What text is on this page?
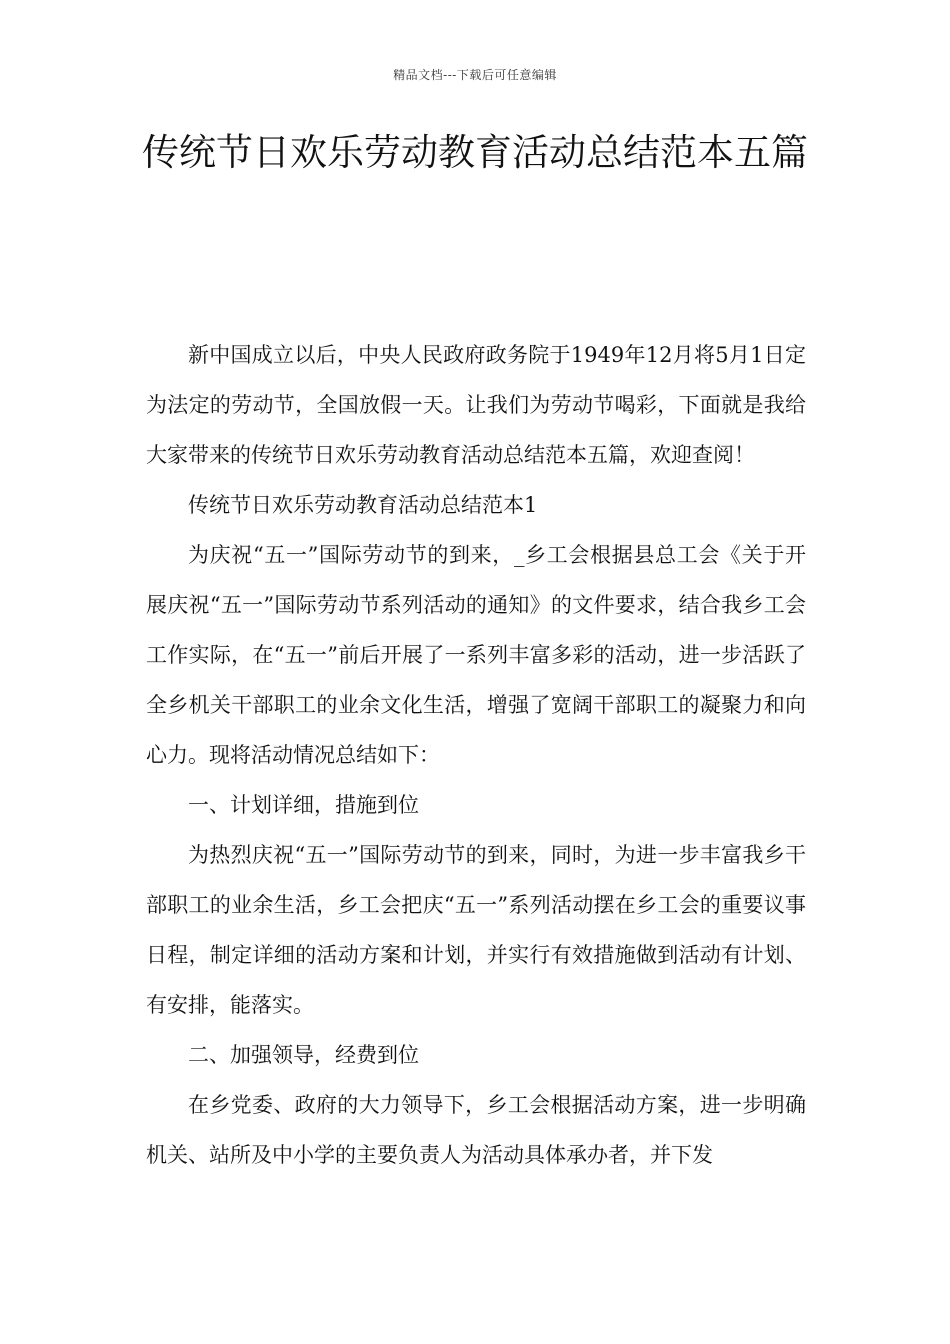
精品文档---下载后可任意编辑
传统节日欢乐劳动教育活动总结范本五篇

新中国成立以后，中央人民政府政务院于1949年12月将5月1日定为法定的劳动节，全国放假一天。让我们为劳动节喝彩，下面就是我给大家带来的传统节日欢乐劳动教育活动总结范本五篇，欢迎查阅！

传统节日欢乐劳动教育活动总结范本1

为庆祝“五一”国际劳动节的到来，_乡工会根据县总工会《关于开展庆祝“五一”国际劳动节系列活动的通知》的文件要求，结合我乡工会工作实际，在“五一”前后开展了一系列丰富多彩的活动，进一步活跃了全乡机关干部职工的业余文化生活，增强了宽阔干部职工的凝聚力和向心力。现将活动情况总结如下：

一、计划详细，措施到位

为热烈庆祝“五一”国际劳动节的到来，同时，为进一步丰富我乡干部职工的业余生活，乡工会把庆“五一”系列活动摆在乡工会的重要议事日程，制定详细的活动方案和计划，并实行有效措施做到活动有计划、有安排，能落实。

二、加强领导，经费到位

在乡党委、政府的大力领导下，乡工会根据活动方案，进一步明确机关、站所及中小学的主要负责人为活动具体承办者，并下发
